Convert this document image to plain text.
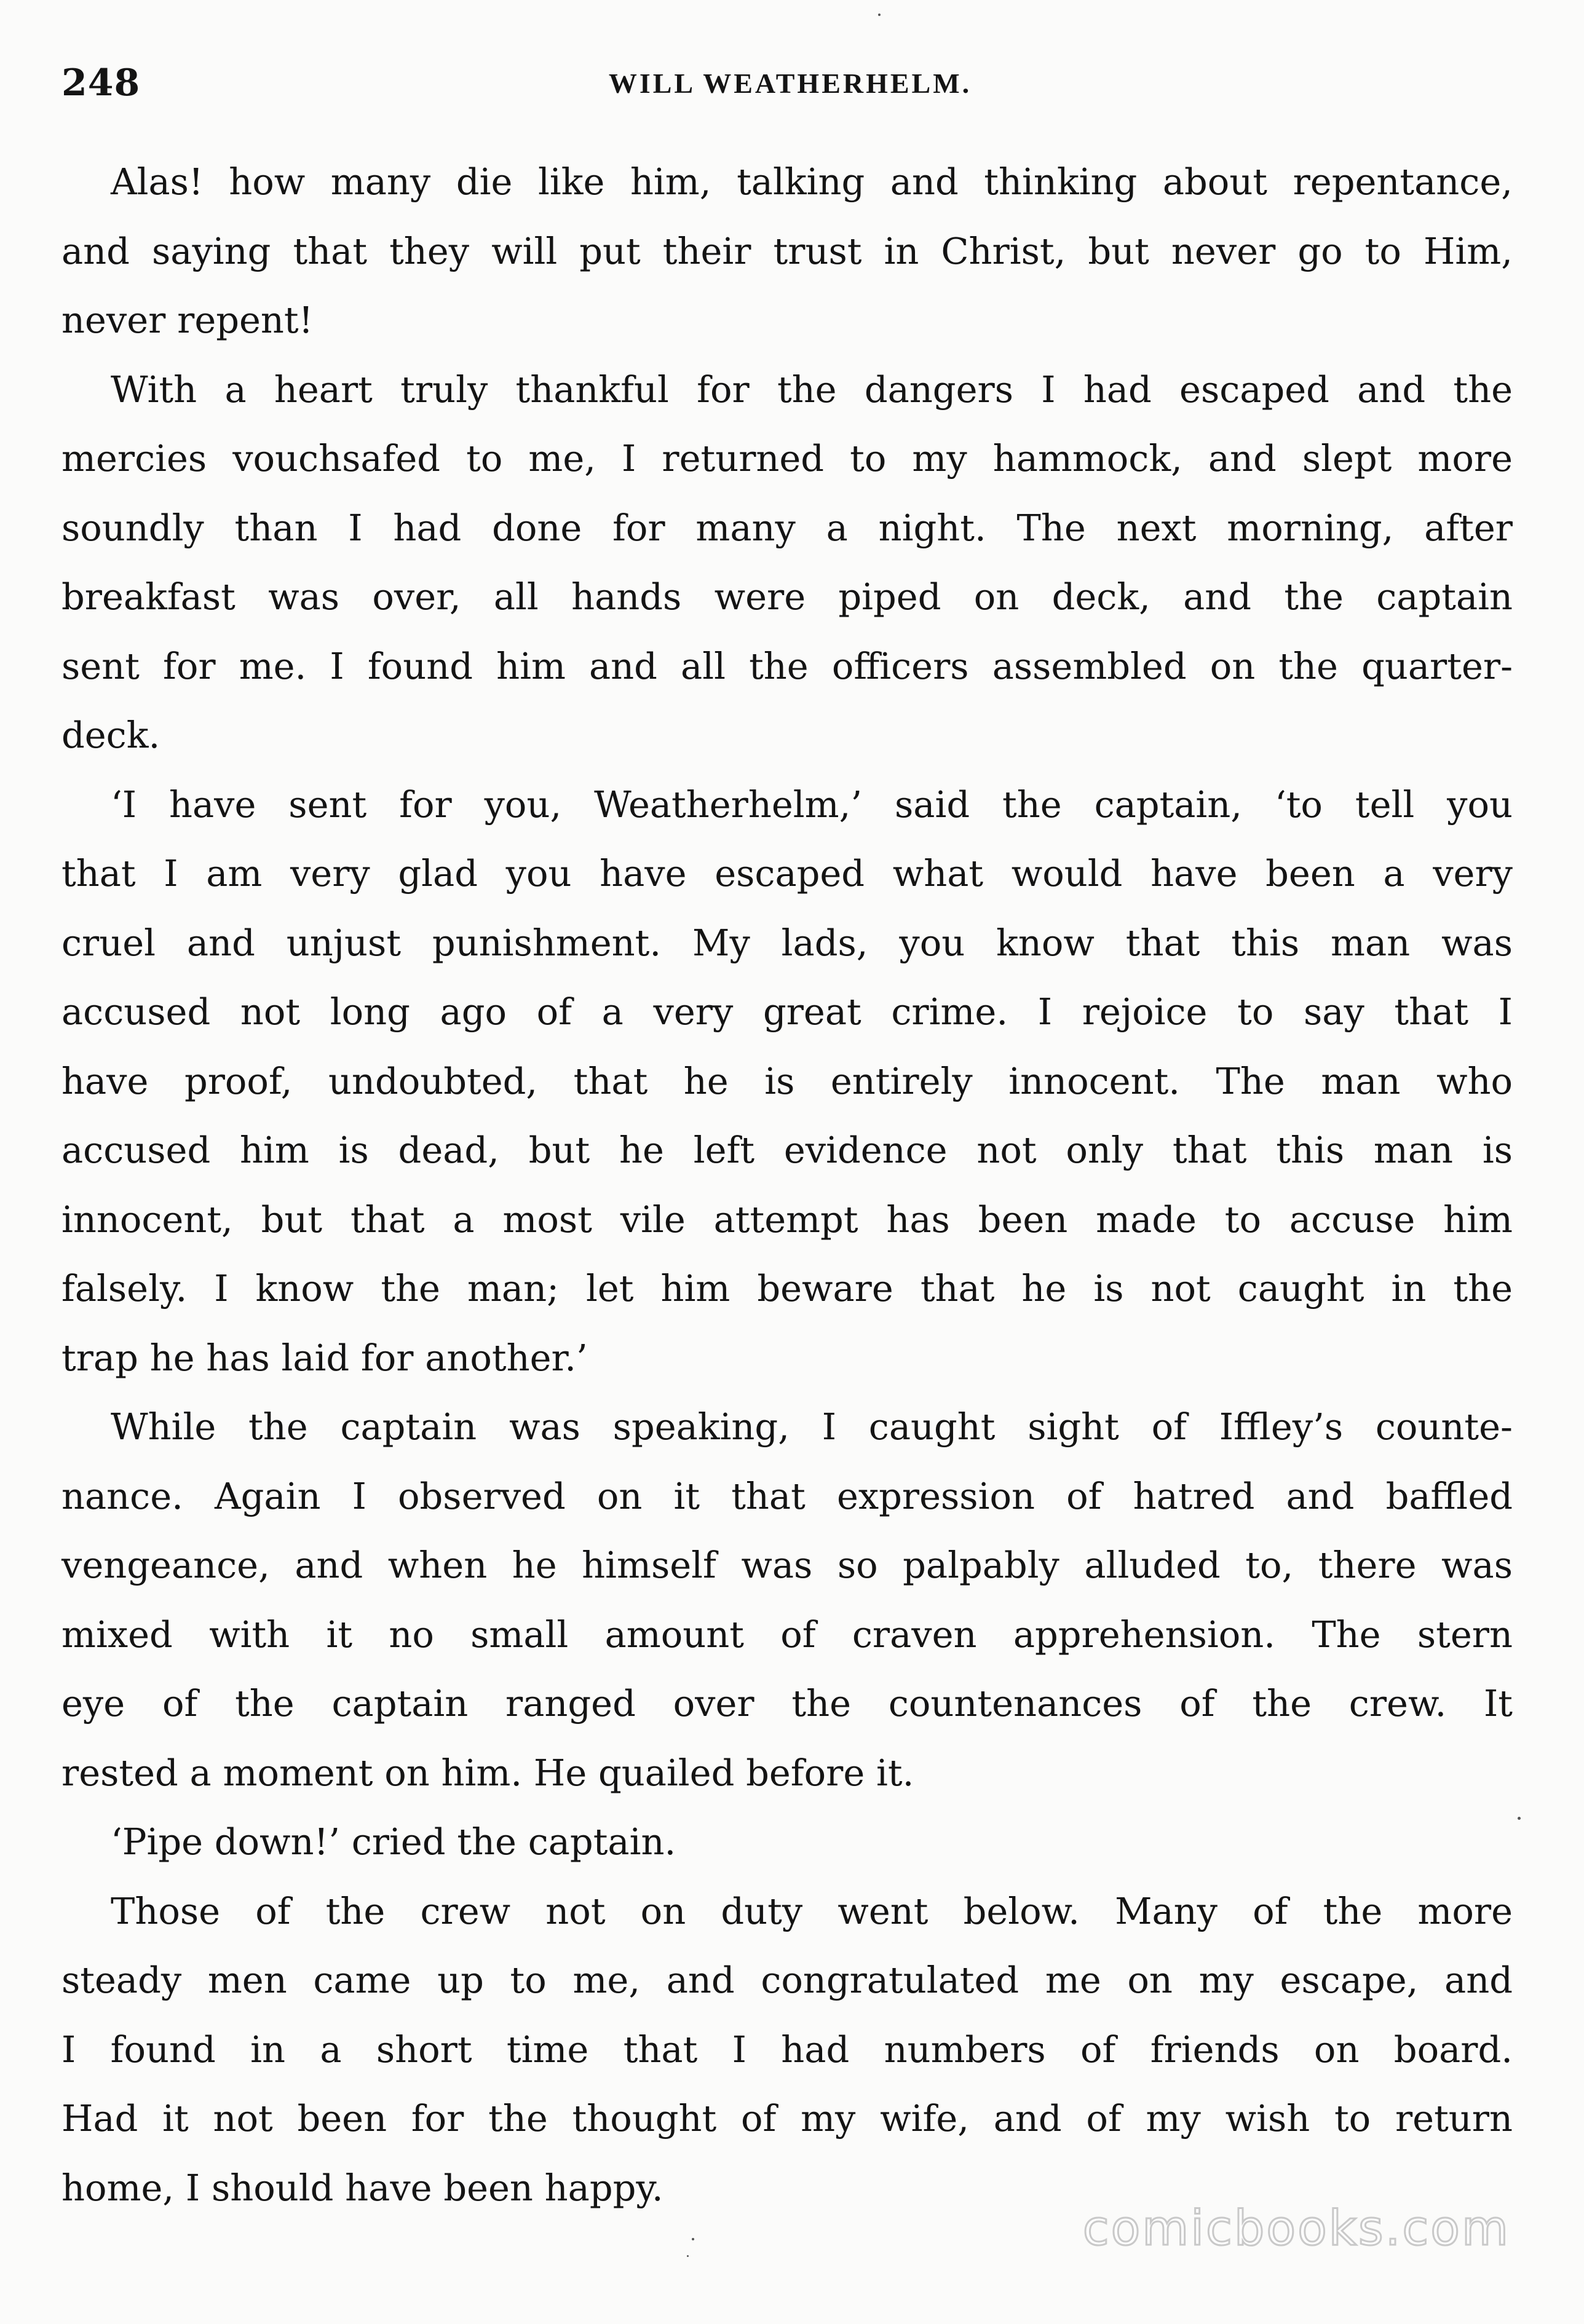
248	WILL WEATHERHELM.

Alas! how many die like him, talking and thinking about repentance,
and saying that they will put their trust in Christ, but never go to Him,
never repent!

With a heart truly thankful for the dangers I had escaped and the
mercies vouchsafed to me, I returned to my hammock, and slept more
soundly than I had done for many a night. The next morning, after
breakfast was over, all hands were piped on deck, and the captain
sent for me. I found him and all the officers assembled on the quarter-
deck.

‘I have sent for you, Weatherhelm,’ said the captain, ‘to tell you
that I am very glad you have escaped what would have been a very
cruel and unjust punishment. My lads, you know that this man was
accused not long ago of a very great crime. I rejoice to say that I
have proof, undoubted, that he is entirely innocent. The man who
accused him is dead, but he left evidence not only that this man is
innocent, but that a most vile attempt has been made to accuse him
falsely. I know the man; let him beware that he is not caught in the
trap he has laid for another.’

While the captain was speaking, I caught sight of Iffley’s counte-
nance. Again I observed on it that expression of hatred and baffled
vengeance, and when he himself was so palpably alluded to, there was
mixed with it no small amount of craven apprehension. The stern
eye of the captain ranged over the countenances of the crew. It
rested a moment on him. He quailed before it.

‘Pipe down!’ cried the captain.

Those of the crew not on duty went below. Many of the more
steady men came up to me, and congratulated me on my escape, and
I found in a short time that I had numbers of friends on board.
Had it not been for the thought of my wife, and of my wish to return
home, I should have been happy.

comicbooks.com
